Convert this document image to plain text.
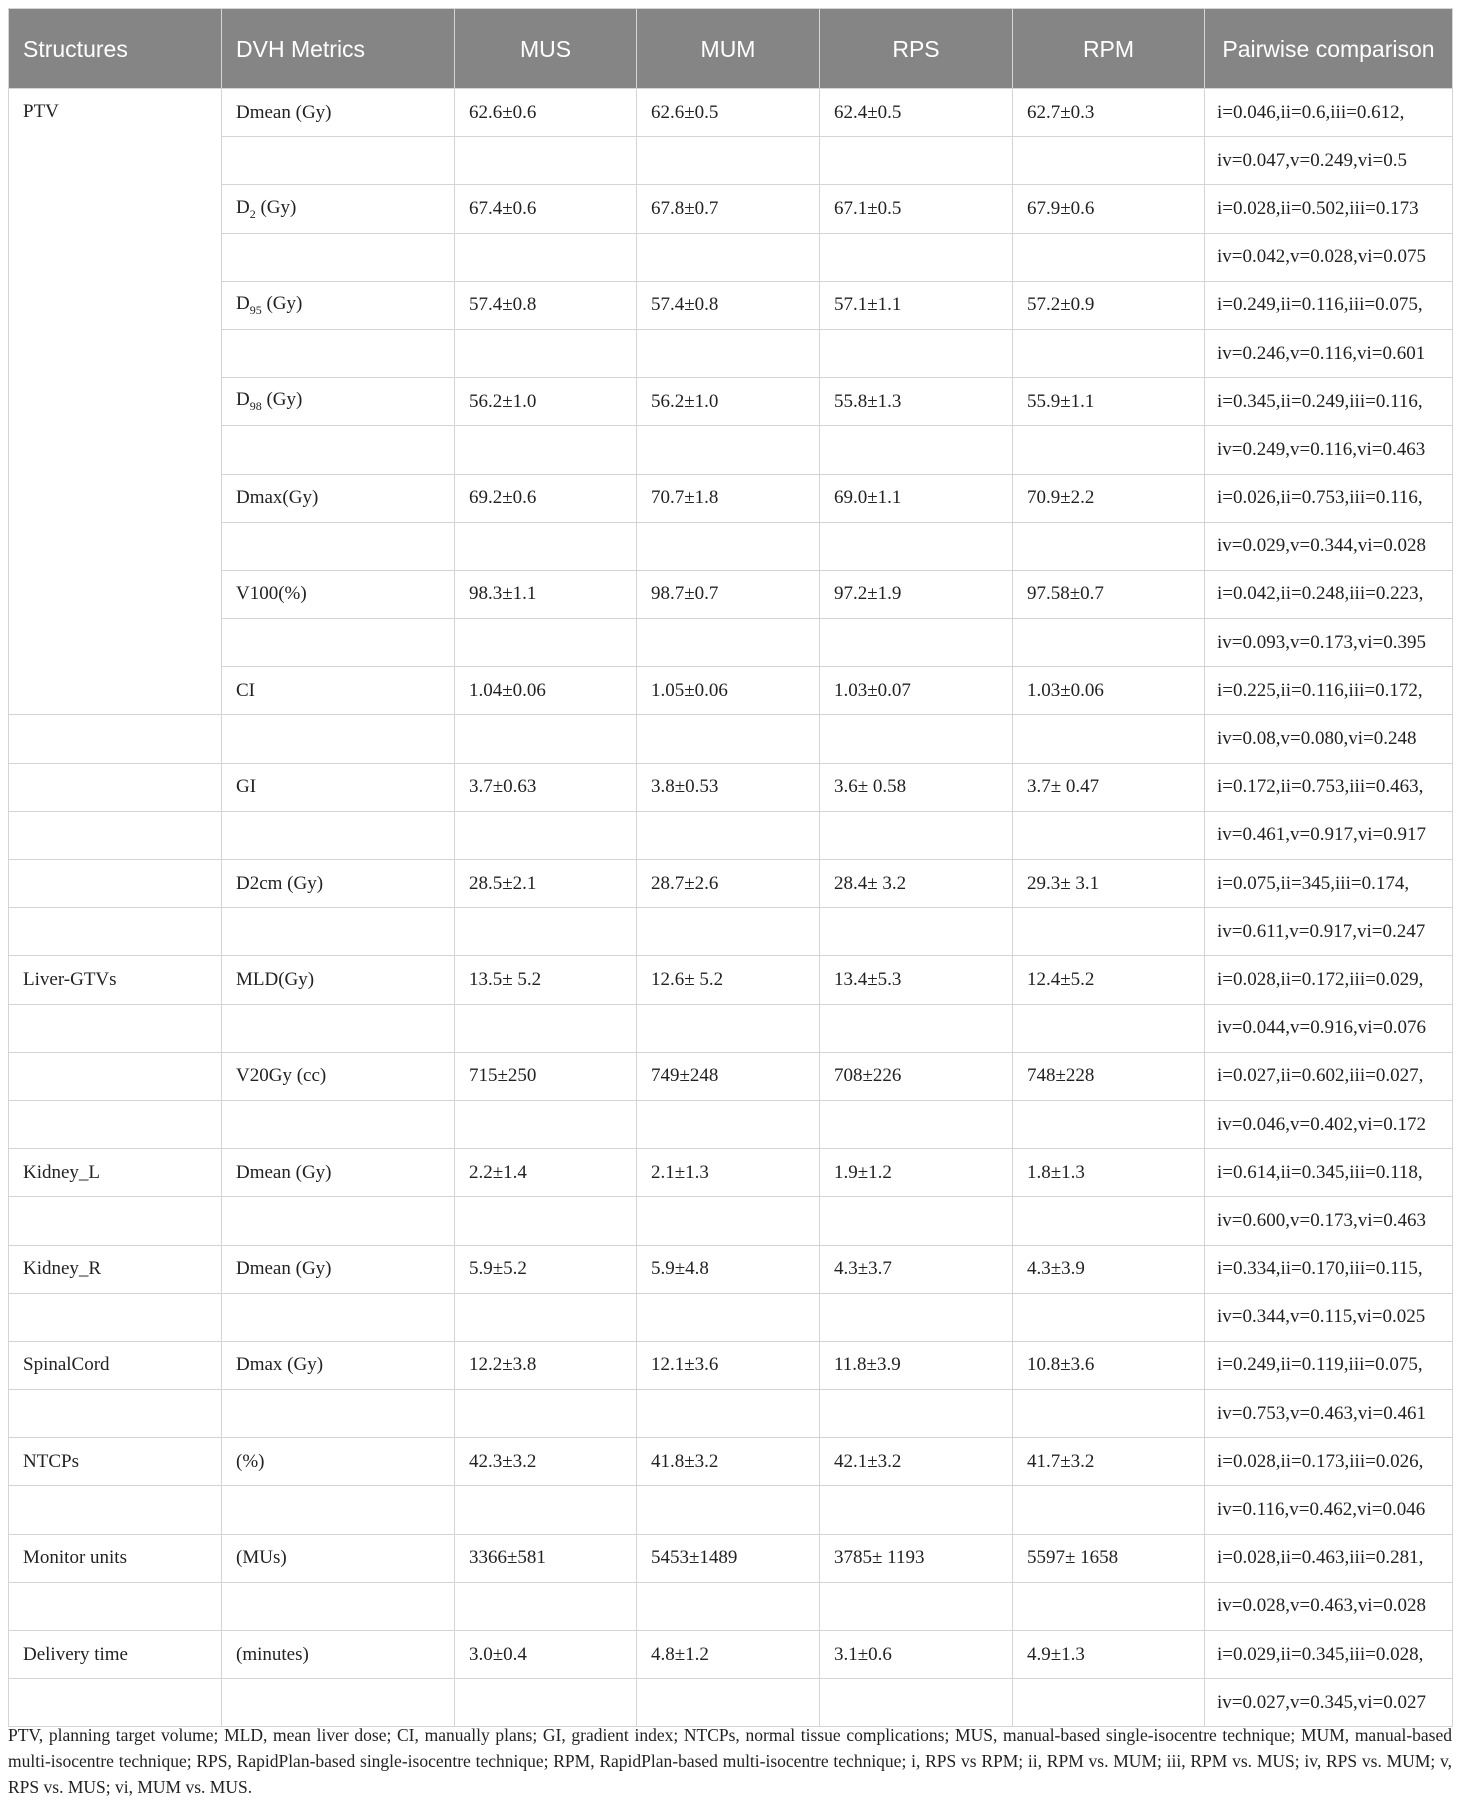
Structures	DVH Metrics	MUS	MUM	RPS	RPM	Pairwise comparison
PTV	Dmean (Gy)	62.6±0.6	62.6±0.5	62.4±0.5	62.7±0.3	i=0.046,ii=0.6,iii=0.612,
						iv=0.047,v=0.249,vi=0.5
	$D_2$ (Gy)	67.4±0.6	67.8±0.7	67.1±0.5	67.9±0.6	i=0.028,ii=0.502,iii=0.173
						iv=0.042,v=0.028,vi=0.075
	$D_{95}$ (Gy)	57.4±0.8	57.4±0.8	57.1±1.1	57.2±0.9	i=0.249,ii=0.116,iii=0.075,
						iv=0.246,v=0.116,vi=0.601
	$D_{98}$ (Gy)	56.2±1.0	56.2±1.0	55.8±1.3	55.9±1.1	i=0.345,ii=0.249,iii=0.116,
						iv=0.249,v=0.116,vi=0.463
	Dmax(Gy)	69.2±0.6	70.7±1.8	69.0±1.1	70.9±2.2	i=0.026,ii=0.753,iii=0.116,
						iv=0.029,v=0.344,vi=0.028
	V100(%)	98.3±1.1	98.7±0.7	97.2±1.9	97.58±0.7	i=0.042,ii=0.248,iii=0.223,
						iv=0.093,v=0.173,vi=0.395
	CI	1.04±0.06	1.05±0.06	1.03±0.07	1.03±0.06	i=0.225,ii=0.116,iii=0.172,
						iv=0.08,v=0.080,vi=0.248
	GI	3.7±0.63	3.8±0.53	3.6± 0.58	3.7± 0.47	i=0.172,ii=0.753,iii=0.463,
						iv=0.461,v=0.917,vi=0.917
	D2cm (Gy)	28.5±2.1	28.7±2.6	28.4± 3.2	29.3± 3.1	i=0.075,ii=345,iii=0.174,
						iv=0.611,v=0.917,vi=0.247
Liver-GTVs	MLD(Gy)	13.5± 5.2	12.6± 5.2	13.4±5.3	12.4±5.2	i=0.028,ii=0.172,iii=0.029,
						iv=0.044,v=0.916,vi=0.076
	V20Gy (cc)	715±250	749±248	708±226	748±228	i=0.027,ii=0.602,iii=0.027,
						iv=0.046,v=0.402,vi=0.172
Kidney_L	Dmean (Gy)	2.2±1.4	2.1±1.3	1.9±1.2	1.8±1.3	i=0.614,ii=0.345,iii=0.118,
						iv=0.600,v=0.173,vi=0.463
Kidney_R	Dmean (Gy)	5.9±5.2	5.9±4.8	4.3±3.7	4.3±3.9	i=0.334,ii=0.170,iii=0.115,
						iv=0.344,v=0.115,vi=0.025
SpinalCord	Dmax (Gy)	12.2±3.8	12.1±3.6	11.8±3.9	10.8±3.6	i=0.249,ii=0.119,iii=0.075,
						iv=0.753,v=0.463,vi=0.461
NTCPs	(%)	42.3±3.2	41.8±3.2	42.1±3.2	41.7±3.2	i=0.028,ii=0.173,iii=0.026,
						iv=0.116,v=0.462,vi=0.046
Monitor units	(MUs)	3366±581	5453±1489	3785± 1193	5597± 1658	i=0.028,ii=0.463,iii=0.281,
						iv=0.028,v=0.463,vi=0.028
Delivery time	(minutes)	3.0±0.4	4.8±1.2	3.1±0.6	4.9±1.3	i=0.029,ii=0.345,iii=0.028,
						iv=0.027,v=0.345,vi=0.027
PTV, planning target volume; MLD, mean liver dose; CI, manually plans; GI, gradient index; NTCPs, normal tissue complications; MUS, manual-based single-isocentre technique; MUM, manual-based multi-isocentre technique; RPS, RapidPlan-based single-isocentre technique; RPM, RapidPlan-based multi-isocentre technique; i, RPS vs RPM; ii, RPM vs. MUM; iii, RPM vs. MUS; iv, RPS vs. MUM; v, RPS vs. MUS; vi, MUM vs. MUS.
